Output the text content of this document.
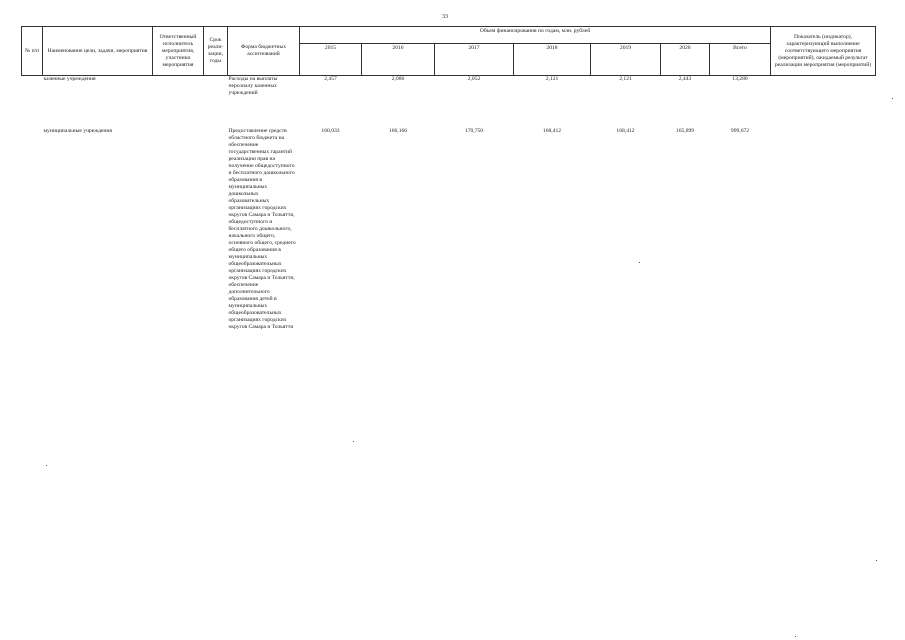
33
№ п/п	Наименование цели, задачи, мероприятия	Ответственный исполнитель мероприятия, участники мероприятия	Срок реали-зации, годы	Форма бюджетных ассигнований	Объем финансирования по годам, млн. рублей							Показатель (индикатор), характеризующий выполнение соответствующего мероприятия (мероприятий), ожидаемый результат реализации мероприятия (мероприятий)
					2015	2016	2017	2018	2019	2020	Всего	
	казенные учреждения			Расходы на выплаты персоналу казенных учреждений	2,457	2,086	2,052	2,121	2,121	2,443	13,280	
	муниципальные учреждения			Предоставление средств областного бюджета на обеспечение государственных гарантий реализации прав на получение общедоступного и бесплатного дошкольного образования в муниципальных дошкольных образовательных организациях городских округов Самара и Тольятти, общедоступного и бесплатного дошкольного, начального общего, основного общего, среднего общего образования в муниципальных общеобразовательных организациях городских округов Самара и Тольятти, обеспечение дополнительного образования детей в муниципальных общеобразовательных организациях городских округов Самара и Тольятти	160,033	166,166	170,750	168,412	168,412	165,899	999,672	
